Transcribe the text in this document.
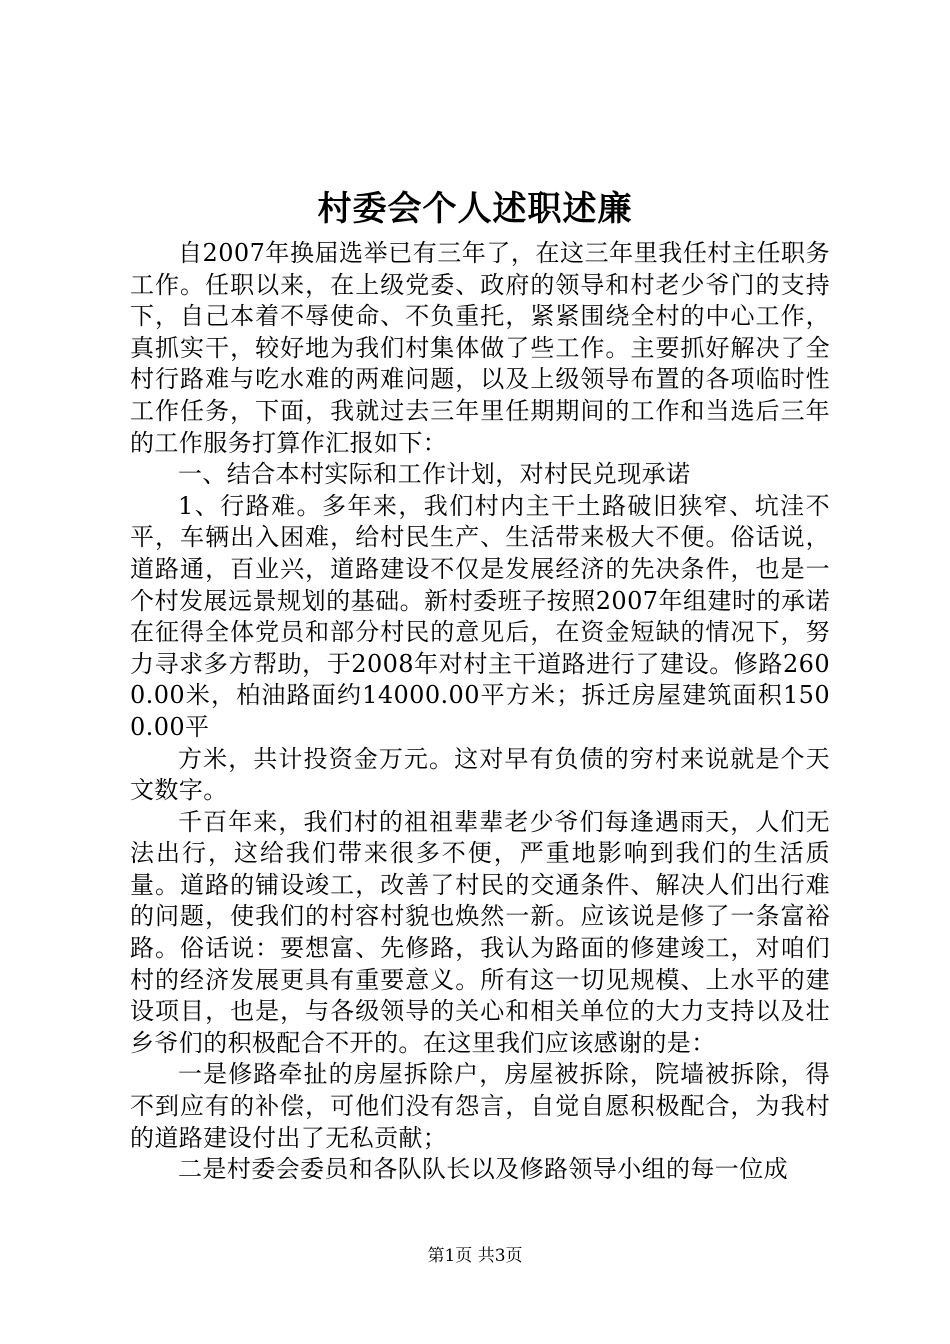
村委会个人述职述廉

自2007年换届选举已有三年了，在这三年里我任村主任职务工作。任职以来，在上级党委、政府的领导和村老少爷门的支持下，自己本着不辱使命、不负重托，紧紧围绕全村的中心工作，真抓实干，较好地为我们村集体做了些工作。主要抓好解决了全村行路难与吃水难的两难问题，以及上级领导布置的各项临时性工作任务，下面，我就过去三年里任期期间的工作和当选后三年的工作服务打算作汇报如下：

一、结合本村实际和工作计划，对村民兑现承诺

1、行路难。多年来，我们村内主干土路破旧狭窄、坑洼不平，车辆出入困难，给村民生产、生活带来极大不便。俗话说，道路通，百业兴，道路建设不仅是发展经济的先决条件，也是一个村发展远景规划的基础。新村委班子按照2007年组建时的承诺在征得全体党员和部分村民的意见后，在资金短缺的情况下，努力寻求多方帮助，于2008年对村主干道路进行了建设。修路2600.00米，柏油路面约14000.00平方米；拆迁房屋建筑面积1500.00平

方米，共计投资金万元。这对早有负债的穷村来说就是个天文数字。

千百年来，我们村的祖祖辈辈老少爷们每逢遇雨天，人们无法出行，这给我们带来很多不便，严重地影响到我们的生活质量。道路的铺设竣工，改善了村民的交通条件、解决人们出行难的问题，使我们的村容村貌也焕然一新。应该说是修了一条富裕路。俗话说：要想富、先修路，我认为路面的修建竣工，对咱们村的经济发展更具有重要意义。所有这一切见规模、上水平的建设项目，也是，与各级领导的关心和相关单位的大力支持以及壮乡爷们的积极配合不开的。在这里我们应该感谢的是：

一是修路牵扯的房屋拆除户，房屋被拆除，院墙被拆除，得不到应有的补偿，可他们没有怨言，自觉自愿积极配合，为我村的道路建设付出了无私贡献；

二是村委会委员和各队队长以及修路领导小组的每一位成

第1页 共3页
